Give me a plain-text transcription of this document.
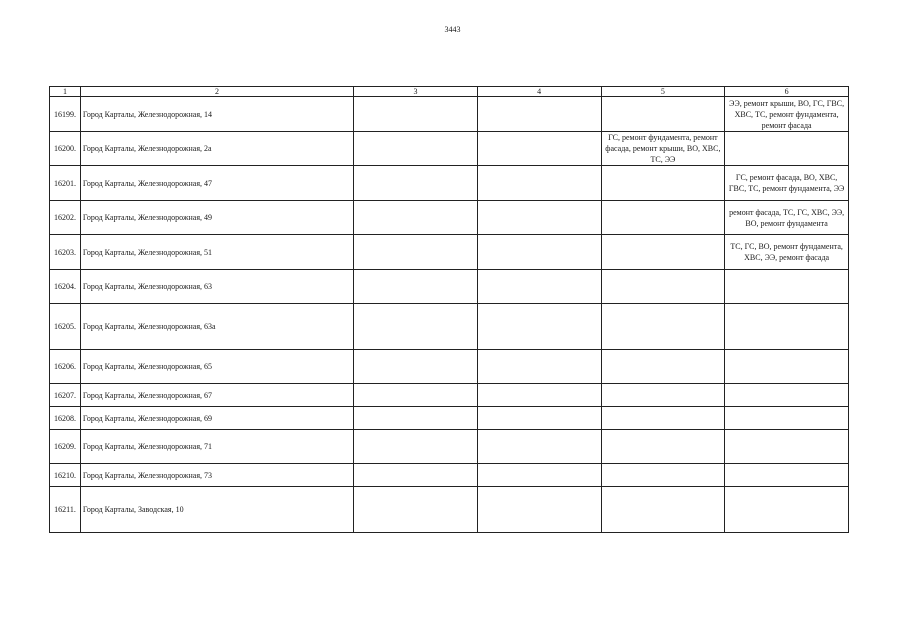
3443
1	2	3	4	5	6
16199.	Город Карталы, Железнодорожная, 14				ЭЭ, ремонт крыши, ВО, ГС, ГВС, ХВС, ТС, ремонт фундамента, ремонт фасада
16200.	Город Карталы, Железнодорожная, 2а			ГС, ремонт фундамента, ремонт фасада, ремонт крыши, ВО, ХВС, ТС, ЭЭ	
16201.	Город Карталы, Железнодорожная, 47				ГС, ремонт фасада, ВО, ХВС, ГВС, ТС, ремонт фундамента, ЭЭ
16202.	Город Карталы, Железнодорожная, 49				ремонт фасада, ТС, ГС, ХВС, ЭЭ, ВО, ремонт фундамента
16203.	Город Карталы, Железнодорожная, 51				ТС, ГС, ВО, ремонт фундамента, ХВС, ЭЭ, ремонт фасада
16204.	Город Карталы, Железнодорожная, 63				
16205.	Город Карталы, Железнодорожная, 63а				
16206.	Город Карталы, Железнодорожная, 65				
16207.	Город Карталы, Железнодорожная, 67				
16208.	Город Карталы, Железнодорожная, 69				
16209.	Город Карталы, Железнодорожная, 71				
16210.	Город Карталы, Железнодорожная, 73				
16211.	Город Карталы, Заводская, 10				
